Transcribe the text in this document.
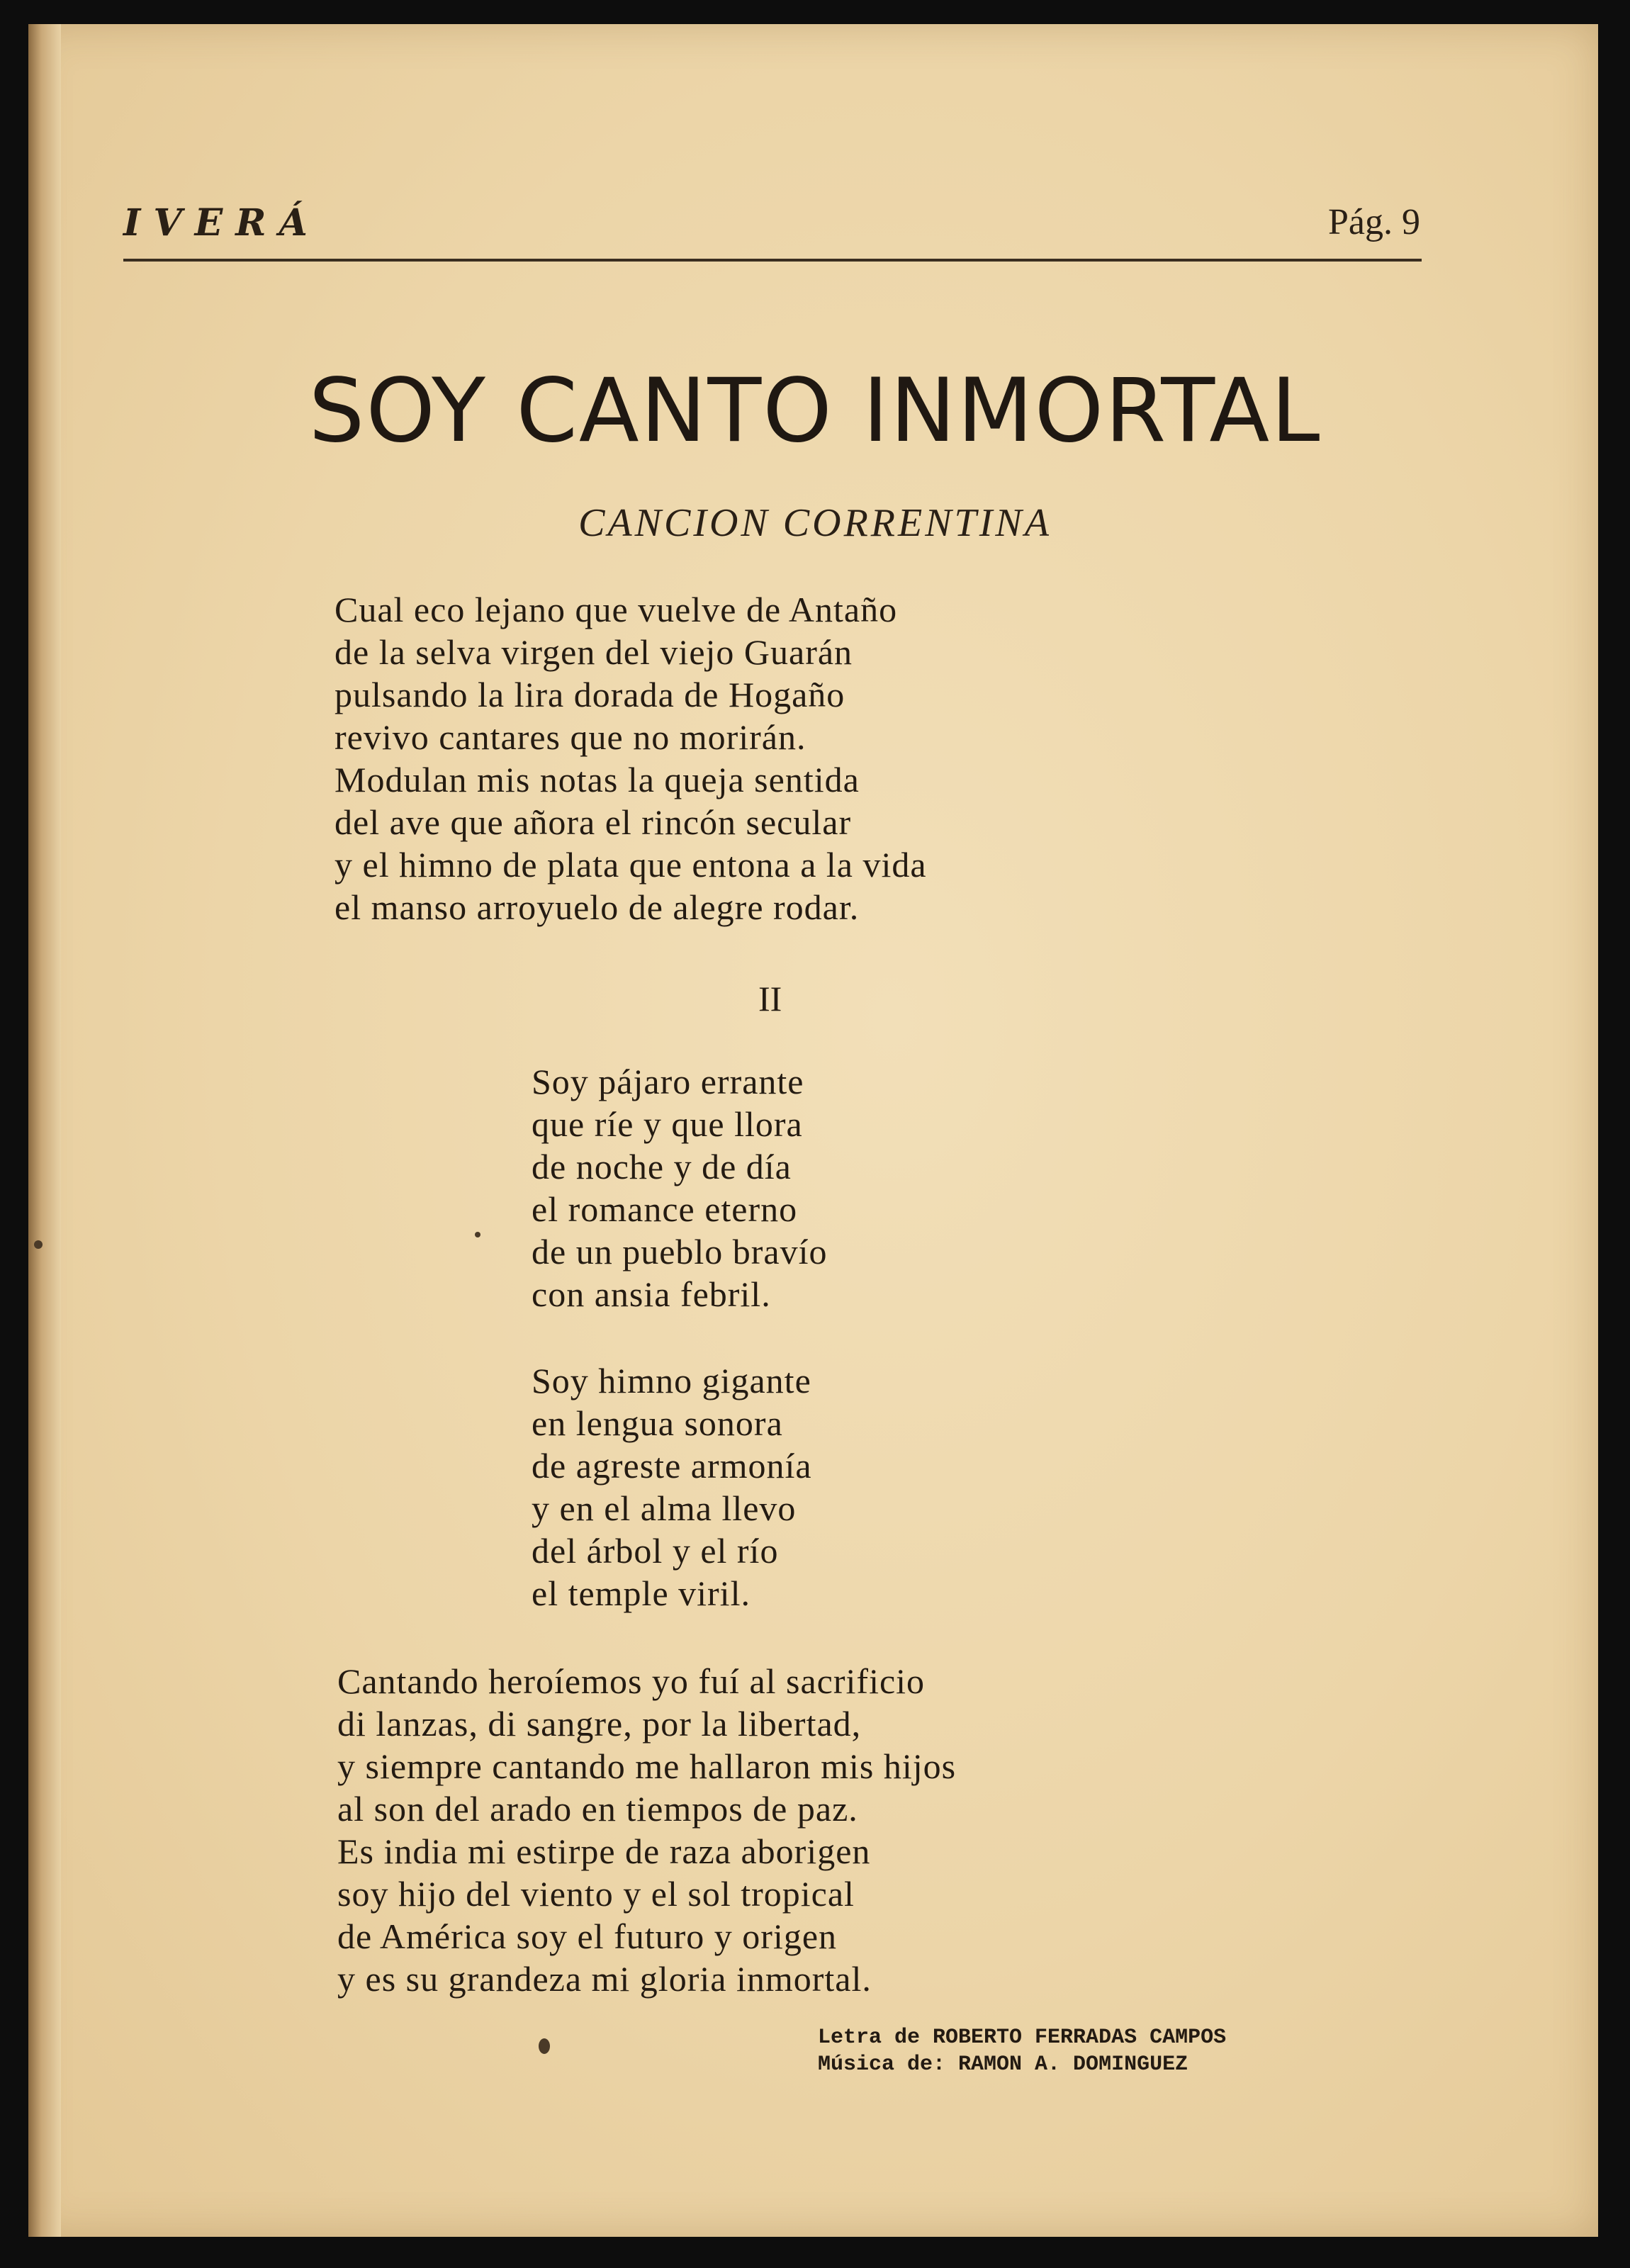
IVERÁ	Pág. 9
SOY CANTO INMORTAL
CANCION CORRENTINA
Cual eco lejano que vuelve de Antaño
de la selva virgen del viejo Guarán
pulsando la lira dorada de Hogaño
revivo cantares que no morirán.
Modulan mis notas la queja sentida
del ave que añora el rincón secular
y el himno de plata que entona a la vida
el manso arroyuelo de alegre rodar.
II
Soy pájaro errante
que ríe y que llora
de noche y de día
el romance eterno
de un pueblo bravío
con ansia febril.
Soy himno gigante
en lengua sonora
de agreste armonía
y en el alma llevo
del árbol y el río
el temple viril.
Cantando heroíemos yo fuí al sacrificio
di lanzas, di sangre, por la libertad,
y siempre cantando me hallaron mis hijos
al son del arado en tiempos de paz.
Es india mi estirpe de raza aborigen
soy hijo del viento y el sol tropical
de América soy el futuro y origen
y es su grandeza mi gloria inmortal.
Letra de ROBERTO FERRADAS CAMPOS
Música de: RAMON A. DOMINGUEZ
